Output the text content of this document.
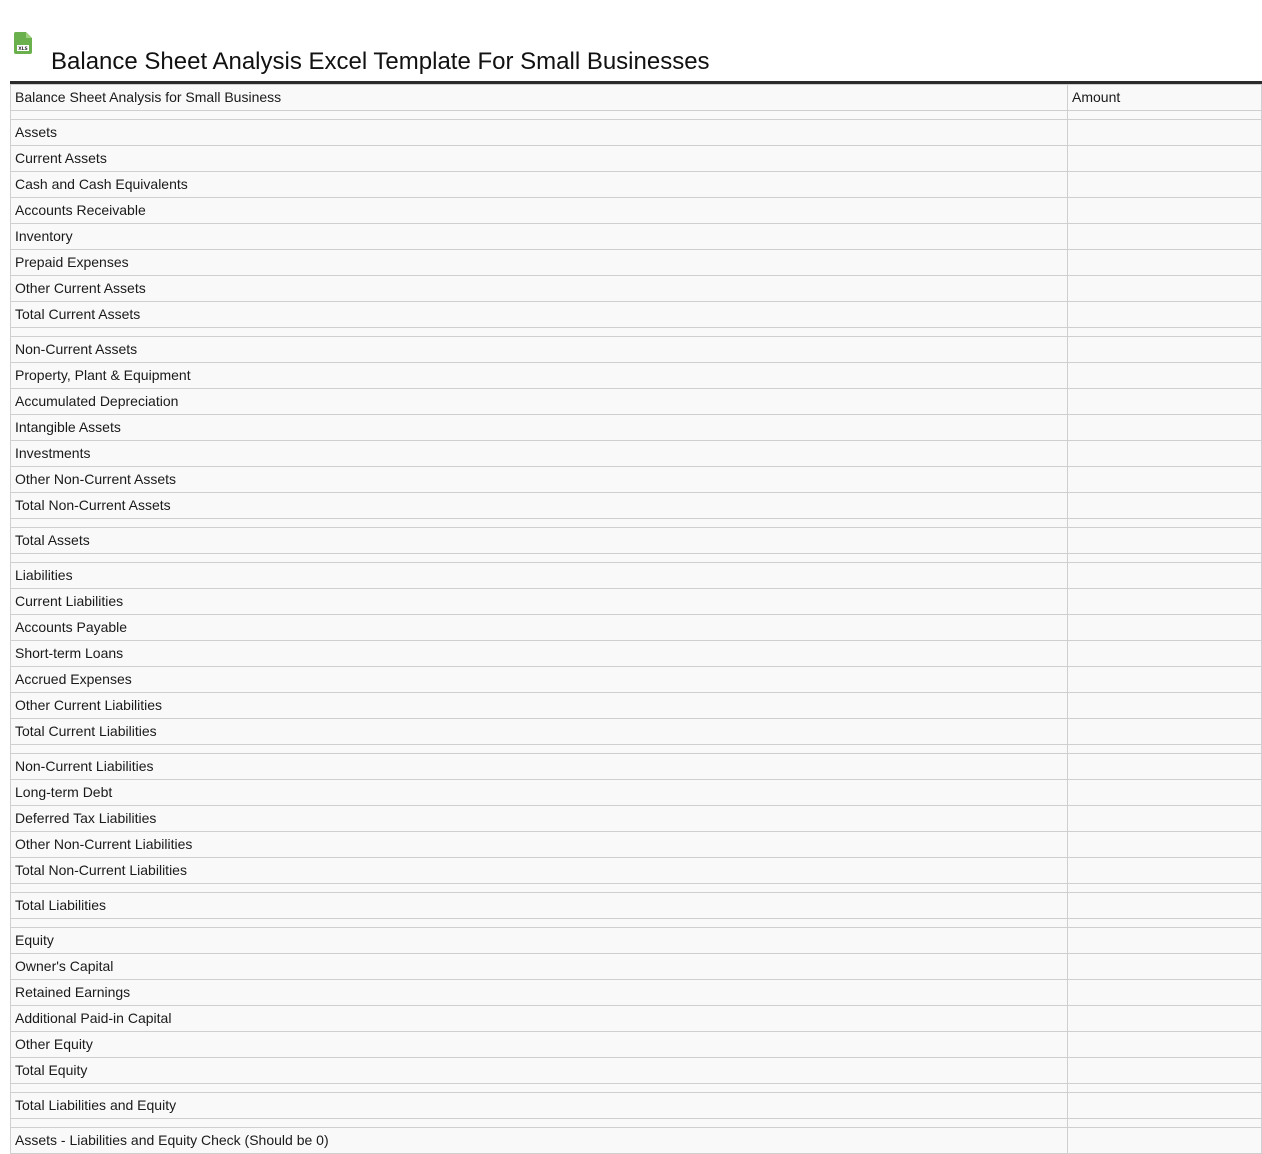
XLS Balance Sheet Analysis Excel Template For Small Businesses
Balance Sheet Analysis for Small Business	Amount

Assets	
Current Assets	
Cash and Cash Equivalents	
Accounts Receivable	
Inventory	
Prepaid Expenses	
Other Current Assets	
Total Current Assets	

Non-Current Assets	
Property, Plant & Equipment	
Accumulated Depreciation	
Intangible Assets	
Investments	
Other Non-Current Assets	
Total Non-Current Assets	

Total Assets	

Liabilities	
Current Liabilities	
Accounts Payable	
Short-term Loans	
Accrued Expenses	
Other Current Liabilities	
Total Current Liabilities	

Non-Current Liabilities	
Long-term Debt	
Deferred Tax Liabilities	
Other Non-Current Liabilities	
Total Non-Current Liabilities	

Total Liabilities	

Equity	
Owner's Capital	
Retained Earnings	
Additional Paid-in Capital	
Other Equity	
Total Equity	

Total Liabilities and Equity	

Assets - Liabilities and Equity Check (Should be 0)	
